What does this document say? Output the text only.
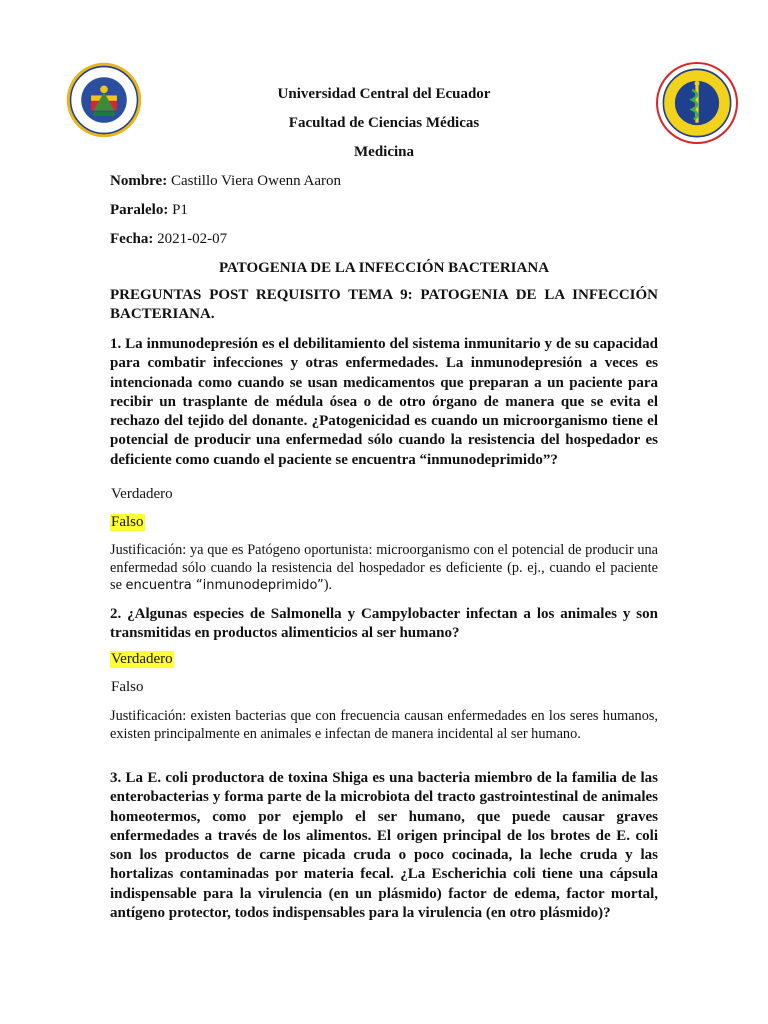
Universidad Central del Ecuador
Facultad de Ciencias Médicas
Medicina
Nombre: Castillo Viera Owenn Aaron
Paralelo: P1
Fecha: 2021-02-07
PATOGENIA DE LA INFECCIÓN BACTERIANA
PREGUNTAS POST REQUISITO TEMA 9: PATOGENIA DE LA INFECCIÓN BACTERIANA.
1. La inmunodepresión es el debilitamiento del sistema inmunitario y de su capacidad para combatir infecciones y otras enfermedades. La inmunodepresión a veces es intencionada como cuando se usan medicamentos que preparan a un paciente para recibir un trasplante de médula ósea o de otro órgano de manera que se evita el rechazo del tejido del donante. ¿Patogenicidad es cuando un microorganismo tiene el potencial de producir una enfermedad sólo cuando la resistencia del hospedador es deficiente como cuando el paciente se encuentra “inmunodeprimido”?
Verdadero
Falso
Justificación: ya que es Patógeno oportunista: microorganismo con el potencial de producir una enfermedad sólo cuando la resistencia del hospedador es deficiente (p. ej., cuando el paciente se encuentra “inmunodeprimido”).
2. ¿Algunas especies de Salmonella y Campylobacter infectan a los animales y son transmitidas en productos alimenticios al ser humano?
Verdadero
Falso
Justificación: existen bacterias que con frecuencia causan enfermedades en los seres humanos, existen principalmente en animales e infectan de manera incidental al ser humano.
3. La E. coli productora de toxina Shiga es una bacteria miembro de la familia de las enterobacterias y forma parte de la microbiota del tracto gastrointestinal de animales homeotermos, como por ejemplo el ser humano, que puede causar graves enfermedades a través de los alimentos. El origen principal de los brotes de E. coli son los productos de carne picada cruda o poco cocinada, la leche cruda y las hortalizas contaminadas por materia fecal. ¿La Escherichia coli tiene una cápsula indispensable para la virulencia (en un plásmido) factor de edema, factor mortal, antígeno protector, todos indispensables para la virulencia (en otro plásmido)?
